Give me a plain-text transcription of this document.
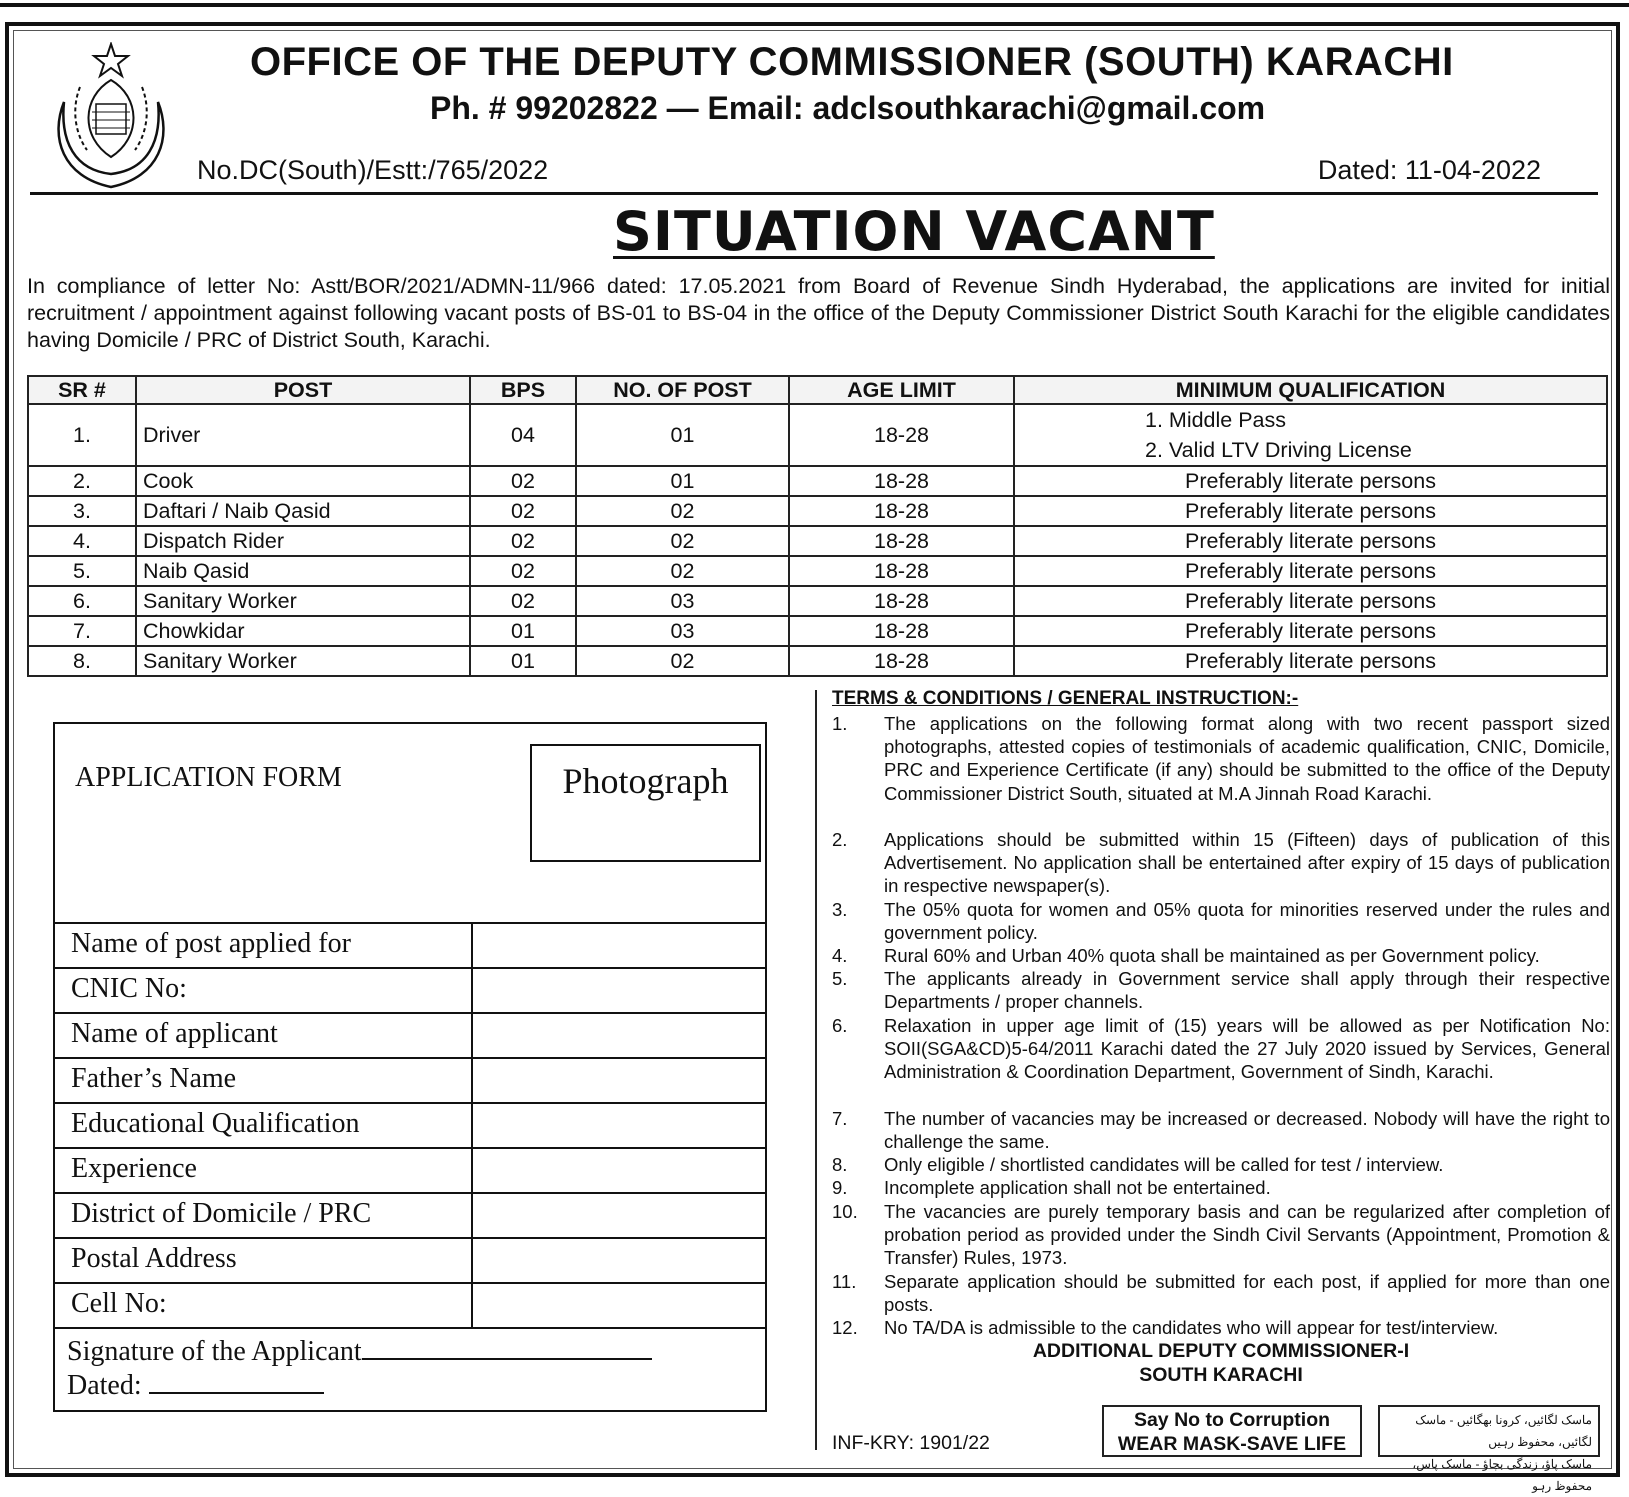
OFFICE OF THE DEPUTY COMMISSIONER (SOUTH) KARACHI
Ph. # 99202822 — Email: adclsouthkarachi@gmail.com
No.DC(South)/Estt:/765/2022	Dated: 11-04-2022
SITUATION VACANT
In compliance of letter No: Astt/BOR/2021/ADMN-11/966 dated: 17.05.2021 from Board of Revenue Sindh Hyderabad, the applications are invited for initial recruitment / appointment against following vacant posts of BS-01 to BS-04 in the office of the Deputy Commissioner District South Karachi for the eligible candidates having Domicile / PRC of District South, Karachi.
SR #	POST	BPS	NO. OF POST	AGE LIMIT	MINIMUM QUALIFICATION
1.	Driver	04	01	18-28	1. Middle Pass
2. Valid LTV Driving License

2.	Cook	02	01	18-28	Preferably literate persons
3.	Daftari / Naib Qasid	02	02	18-28	Preferably literate persons
4.	Dispatch Rider	02	02	18-28	Preferably literate persons
5.	Naib Qasid	02	02	18-28	Preferably literate persons
6.	Sanitary Worker	02	03	18-28	Preferably literate persons
7.	Chowkidar	01	03	18-28	Preferably literate persons
8.	Sanitary Worker	01	02	18-28	Preferably literate persons
APPLICATION FORM	Photograph
Name of post applied for
CNIC No:
Name of applicant
Father’s Name
Educational Qualification
Experience
District of Domicile / PRC
Postal Address
Cell No:
Signature of the Applicant
Dated:
TERMS & CONDITIONS / GENERAL INSTRUCTION:-
1.	The applications on the following format along with two recent passport sized photographs, attested copies of testimonials of academic qualification, CNIC, Domicile, PRC and Experience Certificate (if any) should be submitted to the office of the Deputy Commissioner District South, situated at M.A Jinnah Road Karachi.
2.	Applications should be submitted within 15 (Fifteen) days of publication of this Advertisement. No application shall be entertained after expiry of 15 days of publication in respective newspaper(s).
3.	The 05% quota for women and 05% quota for minorities reserved under the rules and government policy.
4.	Rural 60% and Urban 40% quota shall be maintained as per Government policy.
5.	The applicants already in Government service shall apply through their respective Departments / proper channels.
6.	Relaxation in upper age limit of (15) years will be allowed as per Notification No: SOII(SGA&CD)5-64/2011 Karachi dated the 27 July 2020 issued by Services, General Administration & Coordination Department, Government of Sindh, Karachi.
7.	The number of vacancies may be increased or decreased. Nobody will have the right to challenge the same.
8.	Only eligible / shortlisted candidates will be called for test / interview.
9.	Incomplete application shall not be entertained.
10.	The vacancies are purely temporary basis and can be regularized after completion of probation period as provided under the Sindh Civil Servants (Appointment, Promotion & Transfer) Rules, 1973.
11.	Separate application should be submitted for each post, if applied for more than one posts.
12.	No TA/DA is admissible to the candidates who will appear for test/interview.
ADDITIONAL DEPUTY COMMISSIONER-I
SOUTH KARACHI
INF-KRY: 1901/22
Say No to Corruption
WEAR MASK-SAVE LIFE
ماسک لگائیں، کرونا بھگائیں - ماسک لگائیں، محفوظ رہیں
ماسک پاؤ، زندگی بچاؤ - ماسک پاس، محفوظ رہو
